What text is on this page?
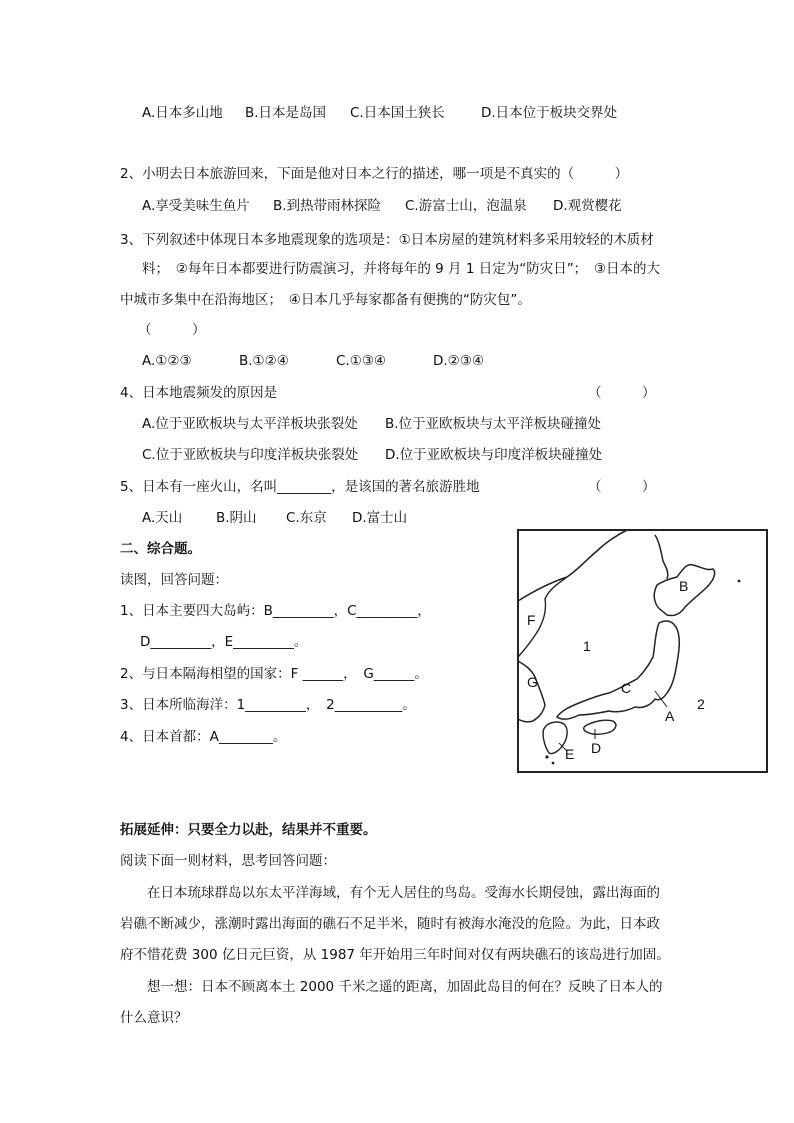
A.日本多山地 B.日本是岛国 C.日本国土狭长	D.日本位于板块交界处
2、小明去日本旅游回来，下面是他对日本之行的描述，哪一项是不真实的（　　　）
A.享受美味生鱼片 B.到热带雨林探险 C.游富士山，泡温泉 D.观赏樱花
3、下列叙述中体现日本多地震现象的选项是：①日本房屋的建筑材料多采用较轻的木质材
料；　②每年日本都要进行防震演习，并将每年的 9 月 1 日定为“防灾日”；　③日本的大
中城市多集中在沿海地区；　④日本几乎每家都备有便携的“防灾包”。
（　　　）
A.①②③	B.①②④	C.①③④	D.②③④
4、日本地震频发的原因是	（　　　）
A.位于亚欧板块与太平洋板块张裂处 B.位于亚欧板块与太平洋板块碰撞处
C.位于亚欧板块与印度洋板块张裂处 D.位于亚欧板块与印度洋板块碰撞处
5、日本有一座火山，名叫________，是该国的著名旅游胜地	（　　　）
A.天山 B.阴山 C.东京 D.富士山
二、综合题。
读图，回答问题：
1、日本主要四大岛屿：B_________，C_________，
D_________，E_________。
2、与日本隔海相望的国家：F ______，　G______。
3、日本所临海洋：1_________，　2__________。
4、日本首都：A________。
B
F
1
G	C
A
2
D
E
拓展延伸：只要全力以赴，结果并不重要。
阅读下面一则材料，思考回答问题：
在日本琉球群岛以东太平洋海域，有个无人居住的鸟岛。受海水长期侵蚀，露出海面的
岩礁不断减少，涨潮时露出海面的礁石不足半米，随时有被海水淹没的危险。为此，日本政
府不惜花费 300 亿日元巨资，从 1987 年开始用三年时间对仅有两块礁石的该岛进行加固。
想一想：日本不顾离本土 2000 千米之遥的距离，加固此岛目的何在？反映了日本人的
什么意识？
